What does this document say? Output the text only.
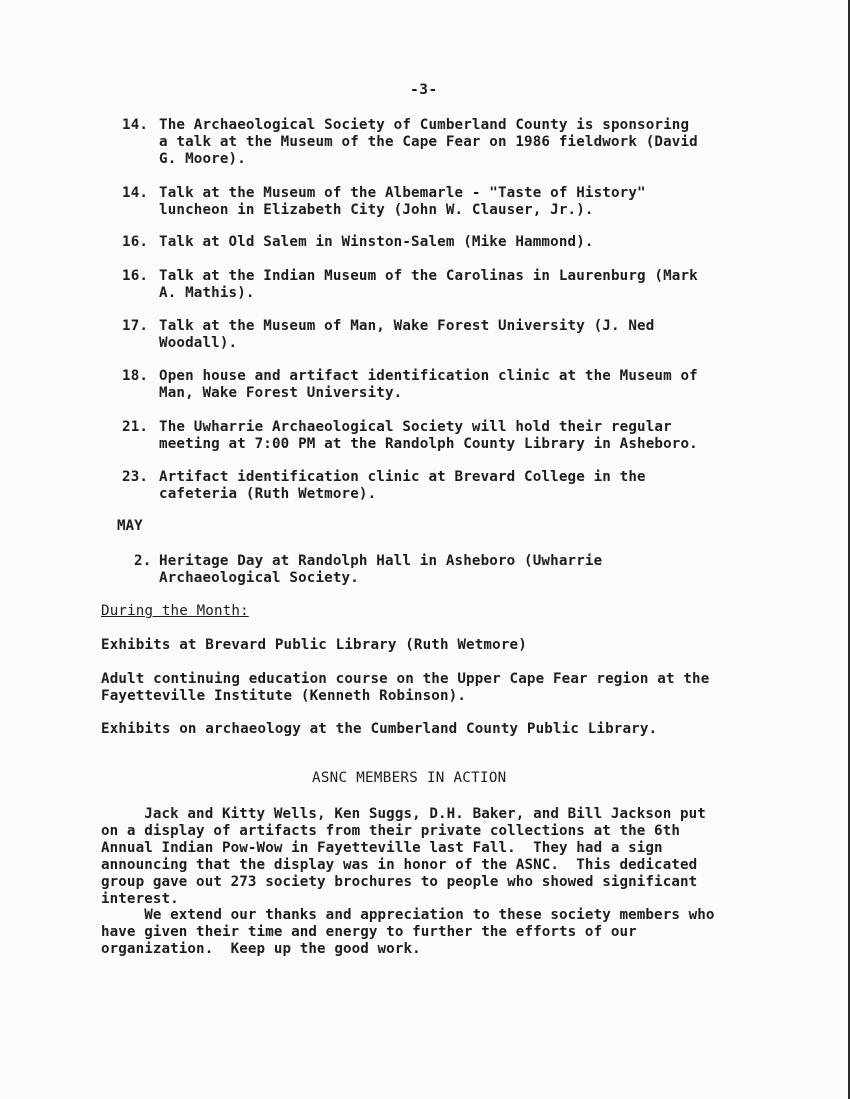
-3-
14. The Archaeological Society of Cumberland County is sponsoring
a talk at the Museum of the Cape Fear on 1986 fieldwork (David
G. Moore).
14. Talk at the Museum of the Albemarle - "Taste of History"
luncheon in Elizabeth City (John W. Clauser, Jr.).
16. Talk at Old Salem in Winston-Salem (Mike Hammond).
16. Talk at the Indian Museum of the Carolinas in Laurenburg (Mark
A. Mathis).
17. Talk at the Museum of Man, Wake Forest University (J. Ned
Woodall).
18. Open house and artifact identification clinic at the Museum of
Man, Wake Forest University.
21. The Uwharrie Archaeological Society will hold their regular
meeting at 7:00 PM at the Randolph County Library in Asheboro.
23. Artifact identification clinic at Brevard College in the
cafeteria (Ruth Wetmore).
MAY
2. Heritage Day at Randolph Hall in Asheboro (Uwharrie
Archaeological Society.
During the Month:
Exhibits at Brevard Public Library (Ruth Wetmore)
Adult continuing education course on the Upper Cape Fear region at the
Fayetteville Institute (Kenneth Robinson).
Exhibits on archaeology at the Cumberland County Public Library.
ASNC MEMBERS IN ACTION
Jack and Kitty Wells, Ken Suggs, D.H. Baker, and Bill Jackson put
on a display of artifacts from their private collections at the 6th
Annual Indian Pow-Wow in Fayetteville last Fall.  They had a sign
announcing that the display was in honor of the ASNC.  This dedicated
group gave out 273 society brochures to people who showed significant
interest.
We extend our thanks and appreciation to these society members who
have given their time and energy to further the efforts of our
organization.  Keep up the good work.
